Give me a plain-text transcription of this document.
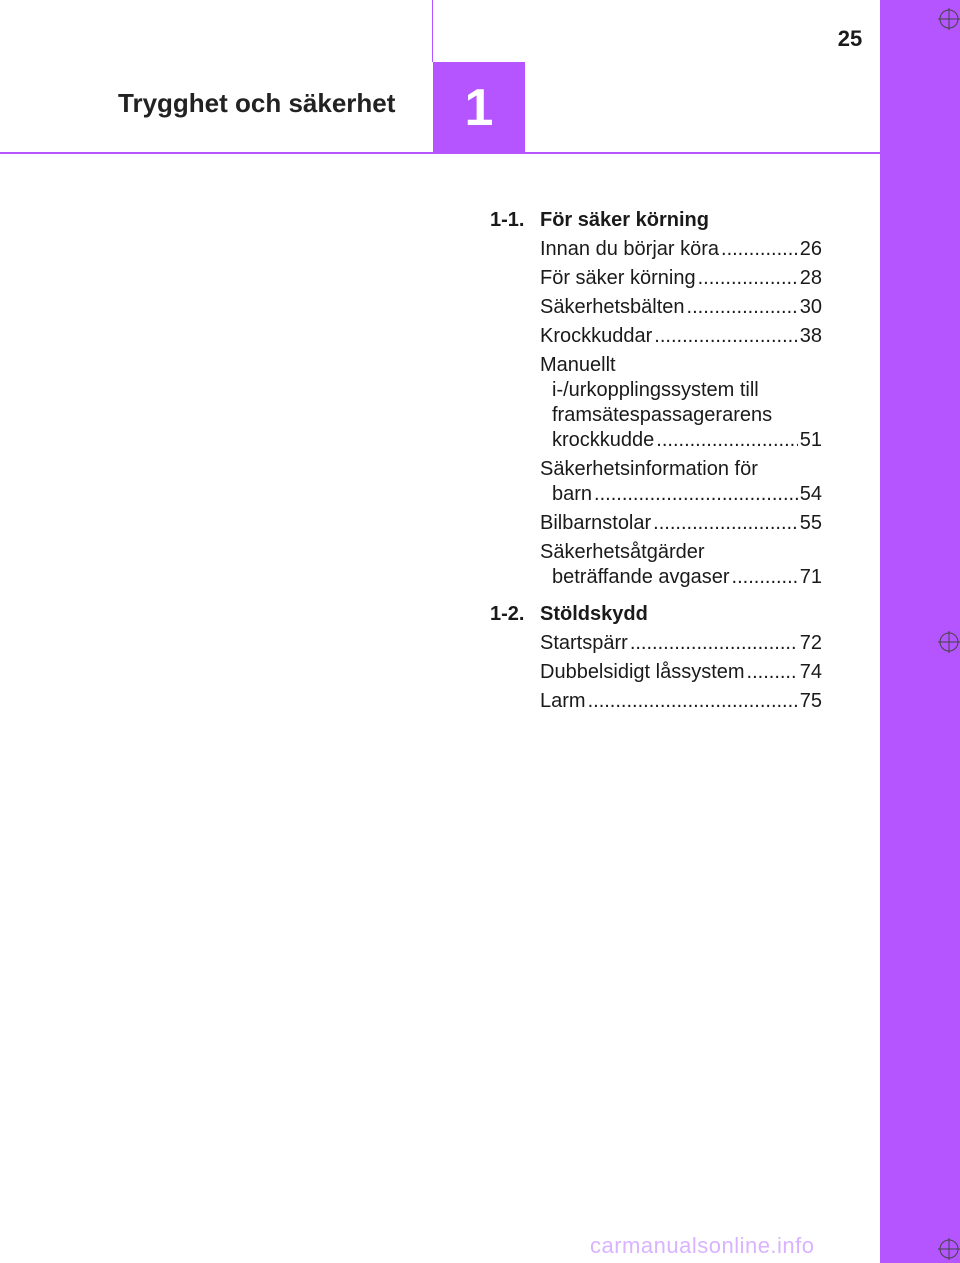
25
Trygghet och säkerhet	1
1-1. För säker körning
Innan du börjar köra .....	26
För säker körning .....	28
Säkerhetsbälten .....	30
Krockkuddar .....	38
Manuellt
i-/urkopplingssystem till
framsätespassagerarens
krockkudde .....	51
Säkerhetsinformation för
barn .....	54
Bilbarnstolar .....	55
Säkerhetsåtgärder
beträffande avgaser .....	71
1-2. Stöldskydd
Startspärr .....	72
Dubbelsidigt låssystem .....	74
Larm .....	75
carmanualsonline.info
